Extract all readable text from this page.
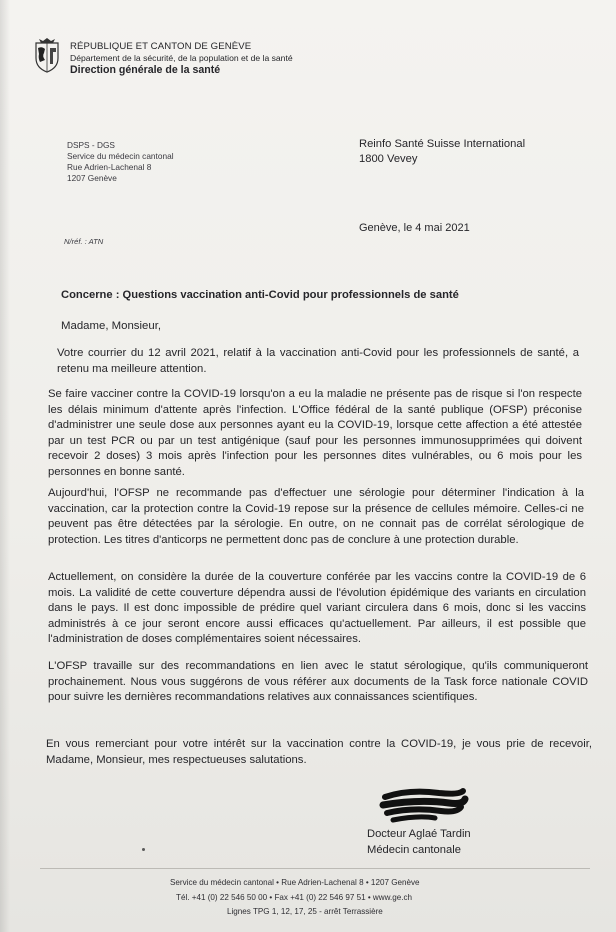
RÉPUBLIQUE ET CANTON DE GENÈVE
Département de la sécurité, de la population et de la santé
Direction générale de la santé
DSPS - DGS
Service du médecin cantonal
Rue Adrien-Lachenal 8
1207 Genève
N/réf. : ATN
Reinfo Santé Suisse International
1800 Vevey
Genève, le 4 mai 2021
Concerne : Questions vaccination anti-Covid pour professionnels de santé
Madame, Monsieur,

Votre courrier du 12 avril 2021, relatif à la vaccination anti-Covid pour les professionnels de santé, a retenu ma meilleure attention.

Se faire vacciner contre la COVID-19 lorsqu'on a eu la maladie ne présente pas de risque si l'on respecte les délais minimum d'attente après l'infection. L'Office fédéral de la santé publique (OFSP) préconise d'administrer une seule dose aux personnes ayant eu la COVID-19, lorsque cette affection a été attestée par un test PCR ou par un test antigénique (sauf pour les personnes immunosupprimées qui doivent recevoir 2 doses) 3 mois après l'infection pour les personnes dites vulnérables, ou 6 mois pour les personnes en bonne santé.

Aujourd'hui, l'OFSP ne recommande pas d'effectuer une sérologie pour déterminer l'indication à la vaccination, car la protection contre la Covid-19 repose sur la présence de cellules mémoire. Celles-ci ne peuvent pas être détectées par la sérologie. En outre, on ne connait pas de corrélat sérologique de protection. Les titres d'anticorps ne permettent donc pas de conclure à une protection durable.

Actuellement, on considère la durée de la couverture conférée par les vaccins contre la COVID-19 de 6 mois. La validité de cette couverture dépendra aussi de l'évolution épidémique des variants en circulation dans le pays. Il est donc impossible de prédire quel variant circulera dans 6 mois, donc si les vaccins administrés à ce jour seront encore aussi efficaces qu'actuellement. Par ailleurs, il est possible que l'administration de doses complémentaires soient nécessaires.

L'OFSP travaille sur des recommandations en lien avec le statut sérologique, qu'ils communiqueront prochainement. Nous vous suggérons de vous référer aux documents de la Task force nationale COVID pour suivre les dernières recommandations relatives aux connaissances scientifiques.

En vous remerciant pour votre intérêt sur la vaccination contre la COVID-19, je vous prie de recevoir, Madame, Monsieur, mes respectueuses salutations.

Docteur Aglaé Tardin
Médecin cantonale
Service du médecin cantonal • Rue Adrien-Lachenal 8 • 1207 Genève
Tél. +41 (0) 22 546 50 00 • Fax +41 (0) 22 546 97 51 • www.ge.ch
Lignes TPG 1, 12, 17, 25 - arrêt Terrassière
